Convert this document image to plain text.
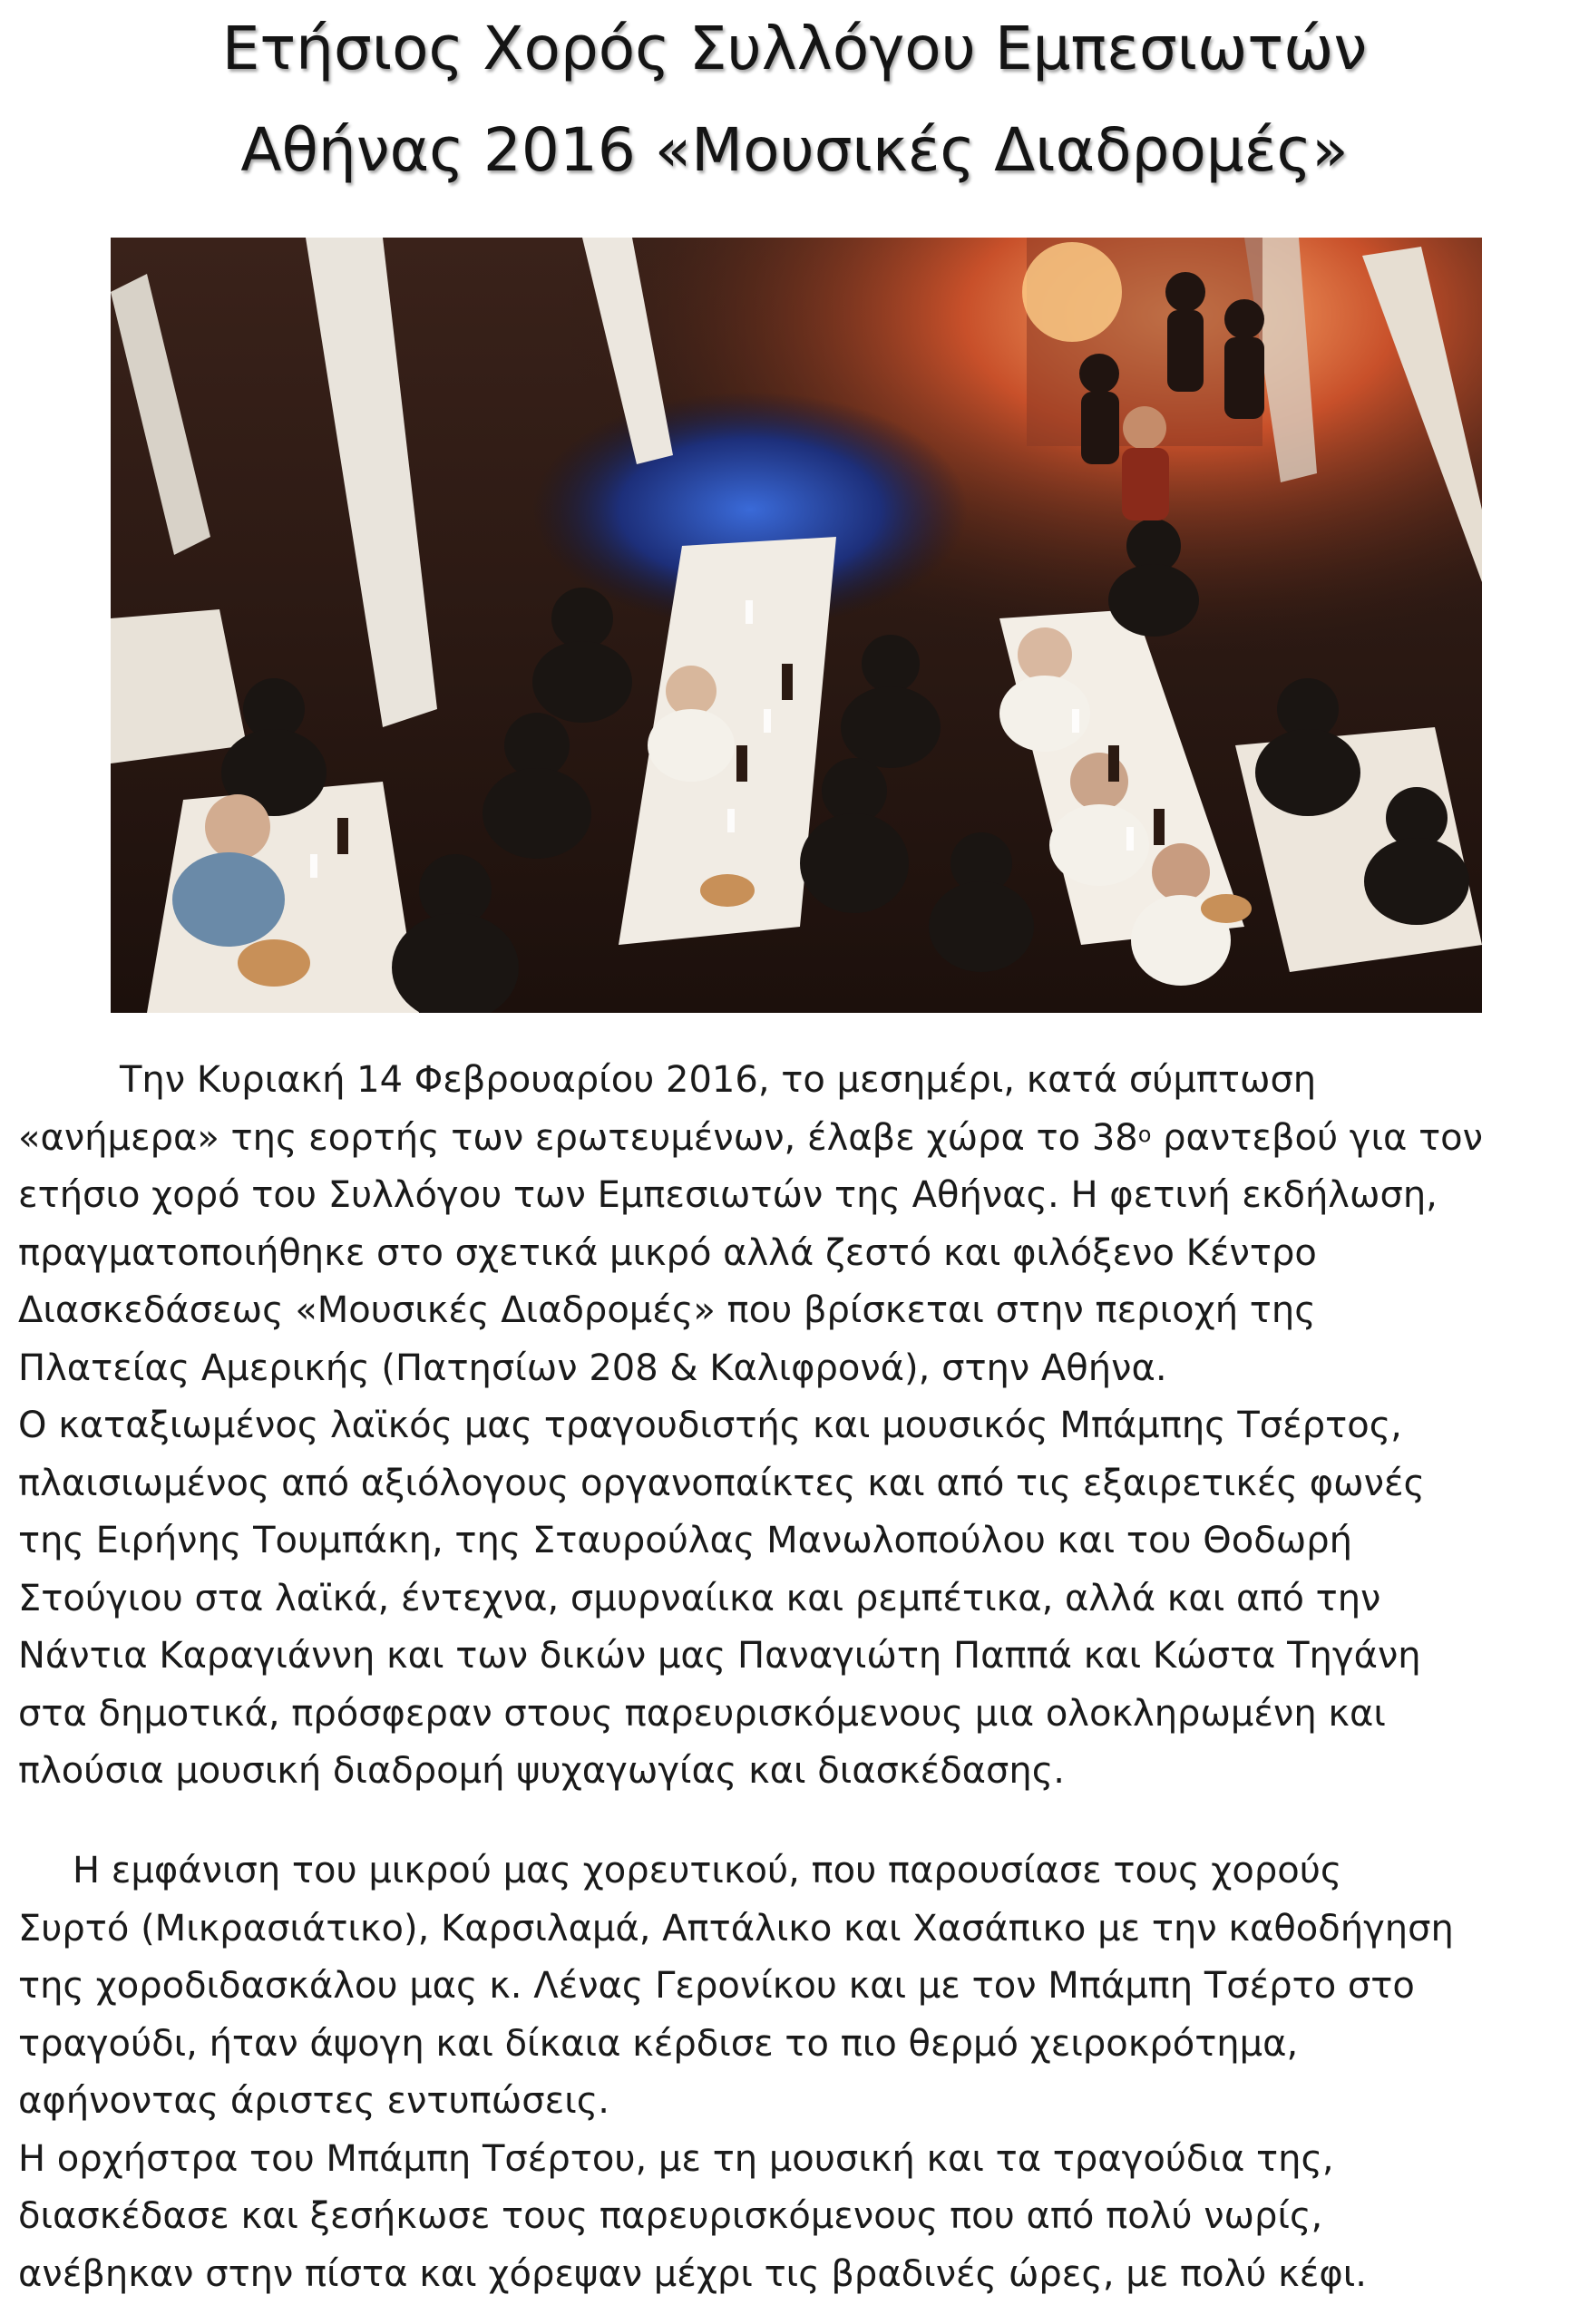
Ετήσιος Χορός Συλλόγου Εμπεσιωτών
Αθήνας 2016 «Μουσικές Διαδρομές»
Την Κυριακή 14 Φεβρουαρίου 2016, το μεσημέρι, κατά σύμπτωση
«ανήμερα» της εορτής των ερωτευμένων, έλαβε χώρα το $38^o$ ραντεβού για τον
ετήσιο χορό του Συλλόγου των Εμπεσιωτών της Αθήνας. Η φετινή εκδήλωση,
πραγματοποιήθηκε στο σχετικά μικρό αλλά ζεστό και φιλόξενο Κέντρο
Διασκεδάσεως «Μουσικές Διαδρομές» που βρίσκεται στην περιοχή της
Πλατείας Αμερικής (Πατησίων 208 & Καλιφρονά), στην Αθήνα.
Ο καταξιωμένος λαϊκός μας τραγουδιστής και μουσικός Μπάμπης Τσέρτος,
πλαισιωμένος από αξιόλογους οργανοπαίκτες και από τις εξαιρετικές φωνές
της Ειρήνης Τουμπάκη, της Σταυρούλας Μανωλοπούλου και του Θοδωρή
Στούγιου στα λαϊκά, έντεχνα, σμυρναίικα και ρεμπέτικα, αλλά και από την
Νάντια Καραγιάννη και των δικών μας Παναγιώτη Παππά και Κώστα Τηγάνη
στα δημοτικά, πρόσφεραν στους παρευρισκόμενους μια ολοκληρωμένη και
πλούσια μουσική διαδρομή ψυχαγωγίας και διασκέδασης.
Η εμφάνιση του μικρού μας χορευτικού, που παρουσίασε τους χορούς
Συρτό (Μικρασιάτικο), Καρσιλαμά, Απτάλικο και Χασάπικο με την καθοδήγηση
της χοροδιδασκάλου μας κ. Λένας Γερονίκου και με τον Μπάμπη Τσέρτο στο
τραγούδι, ήταν άψογη και δίκαια κέρδισε το πιο θερμό χειροκρότημα,
αφήνοντας άριστες εντυπώσεις.
Η ορχήστρα του Μπάμπη Τσέρτου, με τη μουσική και τα τραγούδια της,
διασκέδασε και ξεσήκωσε τους παρευρισκόμενους που από πολύ νωρίς,
ανέβηκαν στην πίστα και χόρεψαν μέχρι τις βραδινές ώρες, με πολύ κέφι.
